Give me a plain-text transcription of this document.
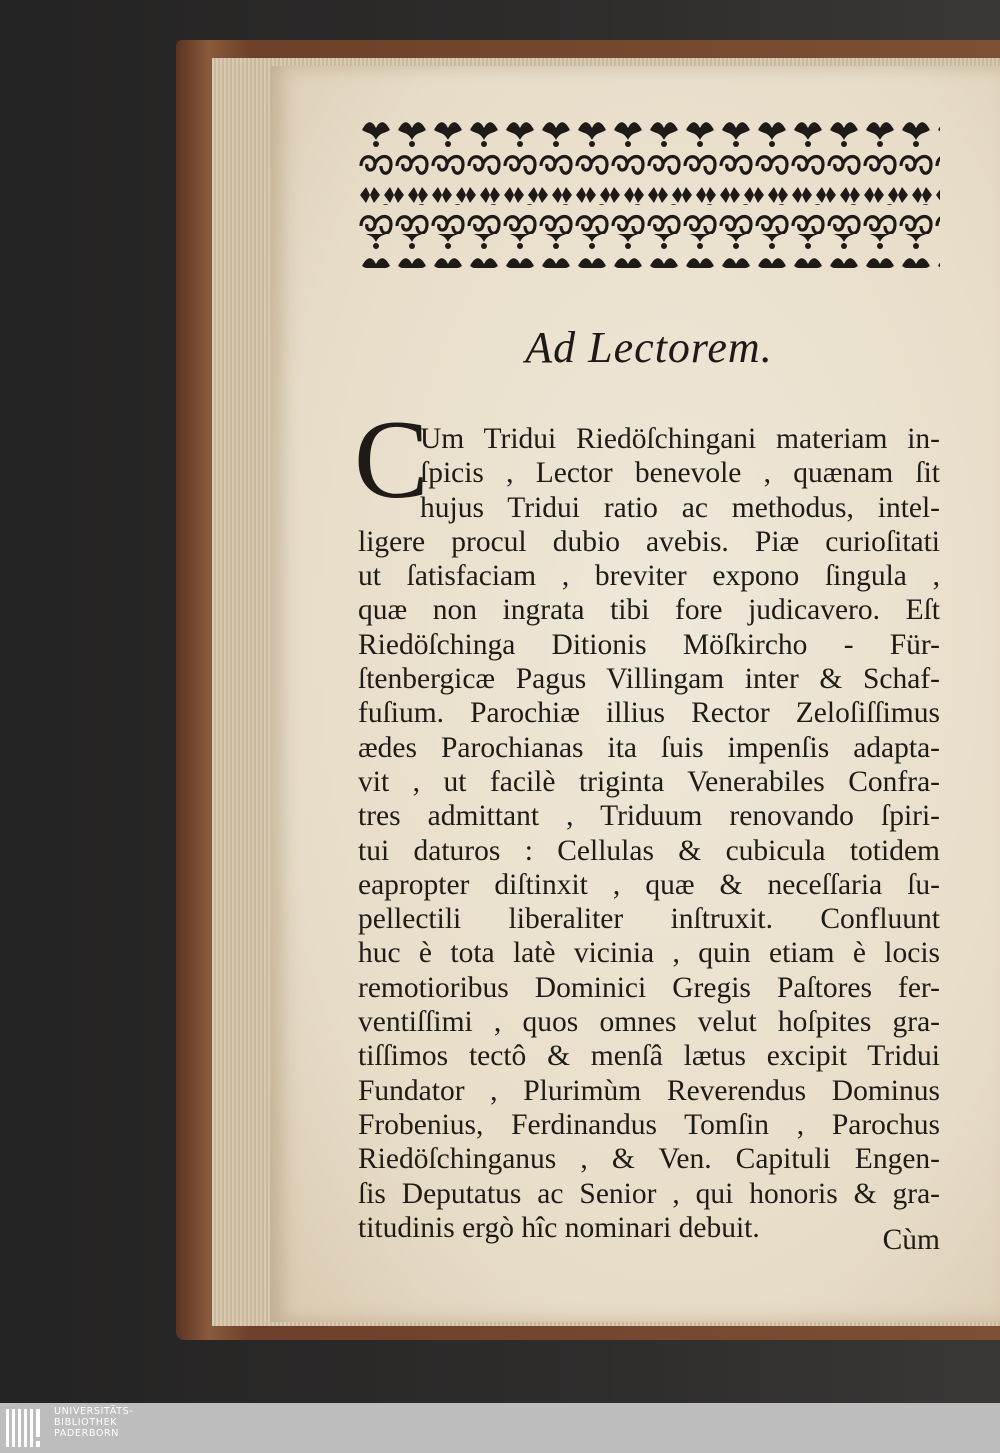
Ad Lectorem.
C
Um Tridui Riedöſchingani materiam in-
ſpicis , Lector benevole , quænam ſit
hujus Tridui ratio ac methodus, intel-
ligere procul dubio avebis. Piæ curioſitati
ut ſatisfaciam , breviter expono ſingula ,
quæ non ingrata tibi fore judicavero. Eſt
Riedöſchinga Ditionis Möſkircho - Für-
ſtenbergicæ Pagus Villingam inter & Schaf-
fuſium. Parochiæ illius Rector Zeloſiſſimus
ædes Parochianas ita ſuis impenſis adapta-
vit , ut facilè triginta Venerabiles Confra-
tres admittant , Triduum renovando ſpiri-
tui daturos : Cellulas & cubicula totidem
eapropter diſtinxit , quæ & neceſſaria ſu-
pellectili liberaliter inſtruxit. Confluunt
huc è tota latè vicinia , quin etiam è locis
remotioribus Dominici Gregis Paſtores fer-
ventiſſimi , quos omnes velut hoſpites gra-
tiſſimos tectô & menſâ lætus excipit Tridui
Fundator , Plurimùm Reverendus Dominus
Frobenius, Ferdinandus Tomſin , Parochus
Riedöſchinganus , & Ven. Capituli Engen-
ſis Deputatus ac Senior , qui honoris & gra-
titudinis ergò hîc nominari debuit.	Cùm
UNIVERSITÄTS-
BIBLIOTHEK
PADERBORN
